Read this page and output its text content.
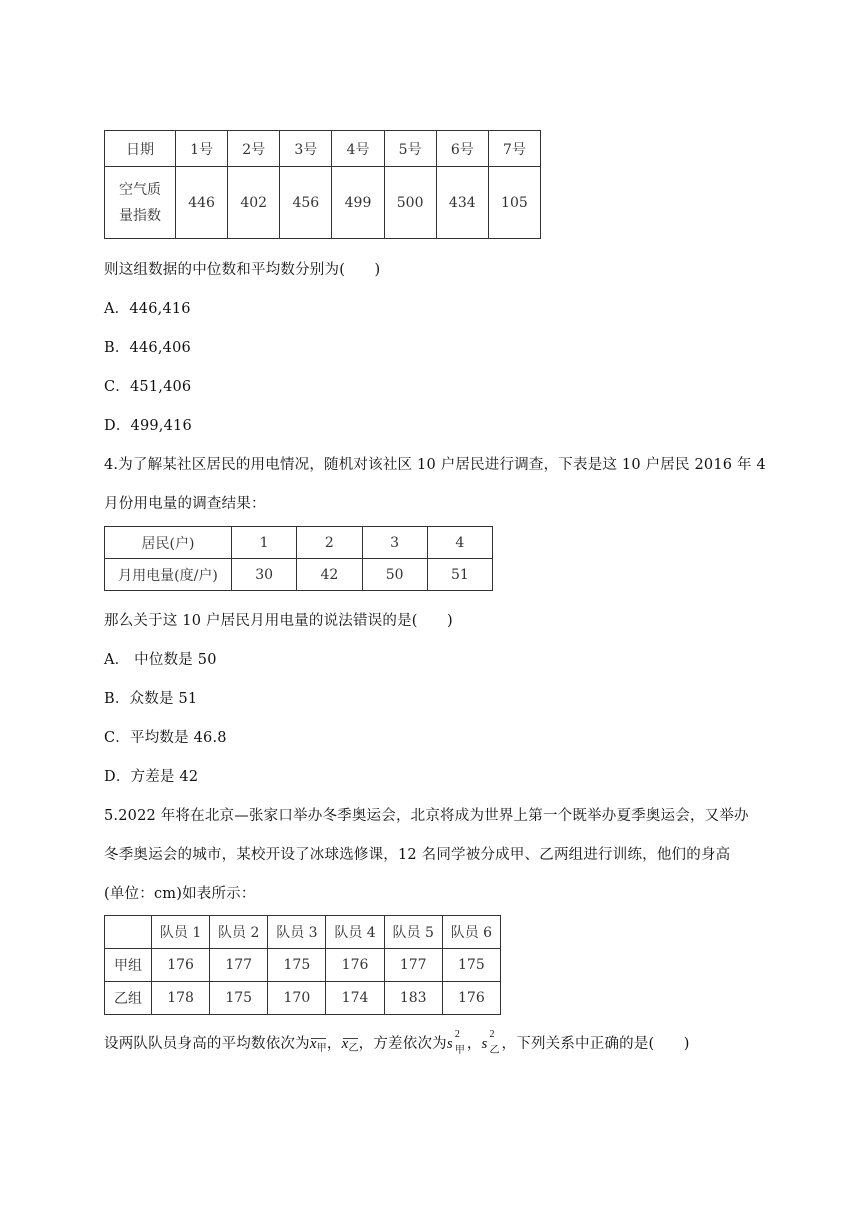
日期	1号	2号	3号	4号	5号	6号	7号

空气质
量指数	446	402	456	499	500	434	105
则这组数据的中位数和平均数分别为(　　)
A．446,416
B．446,406
C．451,406
D．499,416
4.为了解某社区居民的用电情况，随机对该社区 10 户居民进行调查，下表是这 10 户居民 2016 年 4
月份用电量的调查结果：
居民(户)	1	2	3	4
月用电量(度/户)	30	42	50	51
那么关于这 10 户居民月用电量的说法错误的是(　　)
A． 中位数是 50
B．众数是 51
C．平均数是 46.8
D．方差是 42
5.2022 年将在北京—张家口举办冬季奥运会，北京将成为世界上第一个既举办夏季奥运会，又举办
冬季奥运会的城市，某校开设了冰球选修课，12 名同学被分成甲、乙两组进行训练，他们的身高
(单位：cm)如表所示：
	队员 1	队员 2	队员 3	队员 4	队员 5	队员 6
甲组	176	177	175	176	177	175
乙组	178	175	170	174	183	176
设两队队员身高的平均数依次为$x_甲$，$x_乙$，方差依次为s
2
甲 ，s
2
乙 ，下列关系中正确的是(　　)
